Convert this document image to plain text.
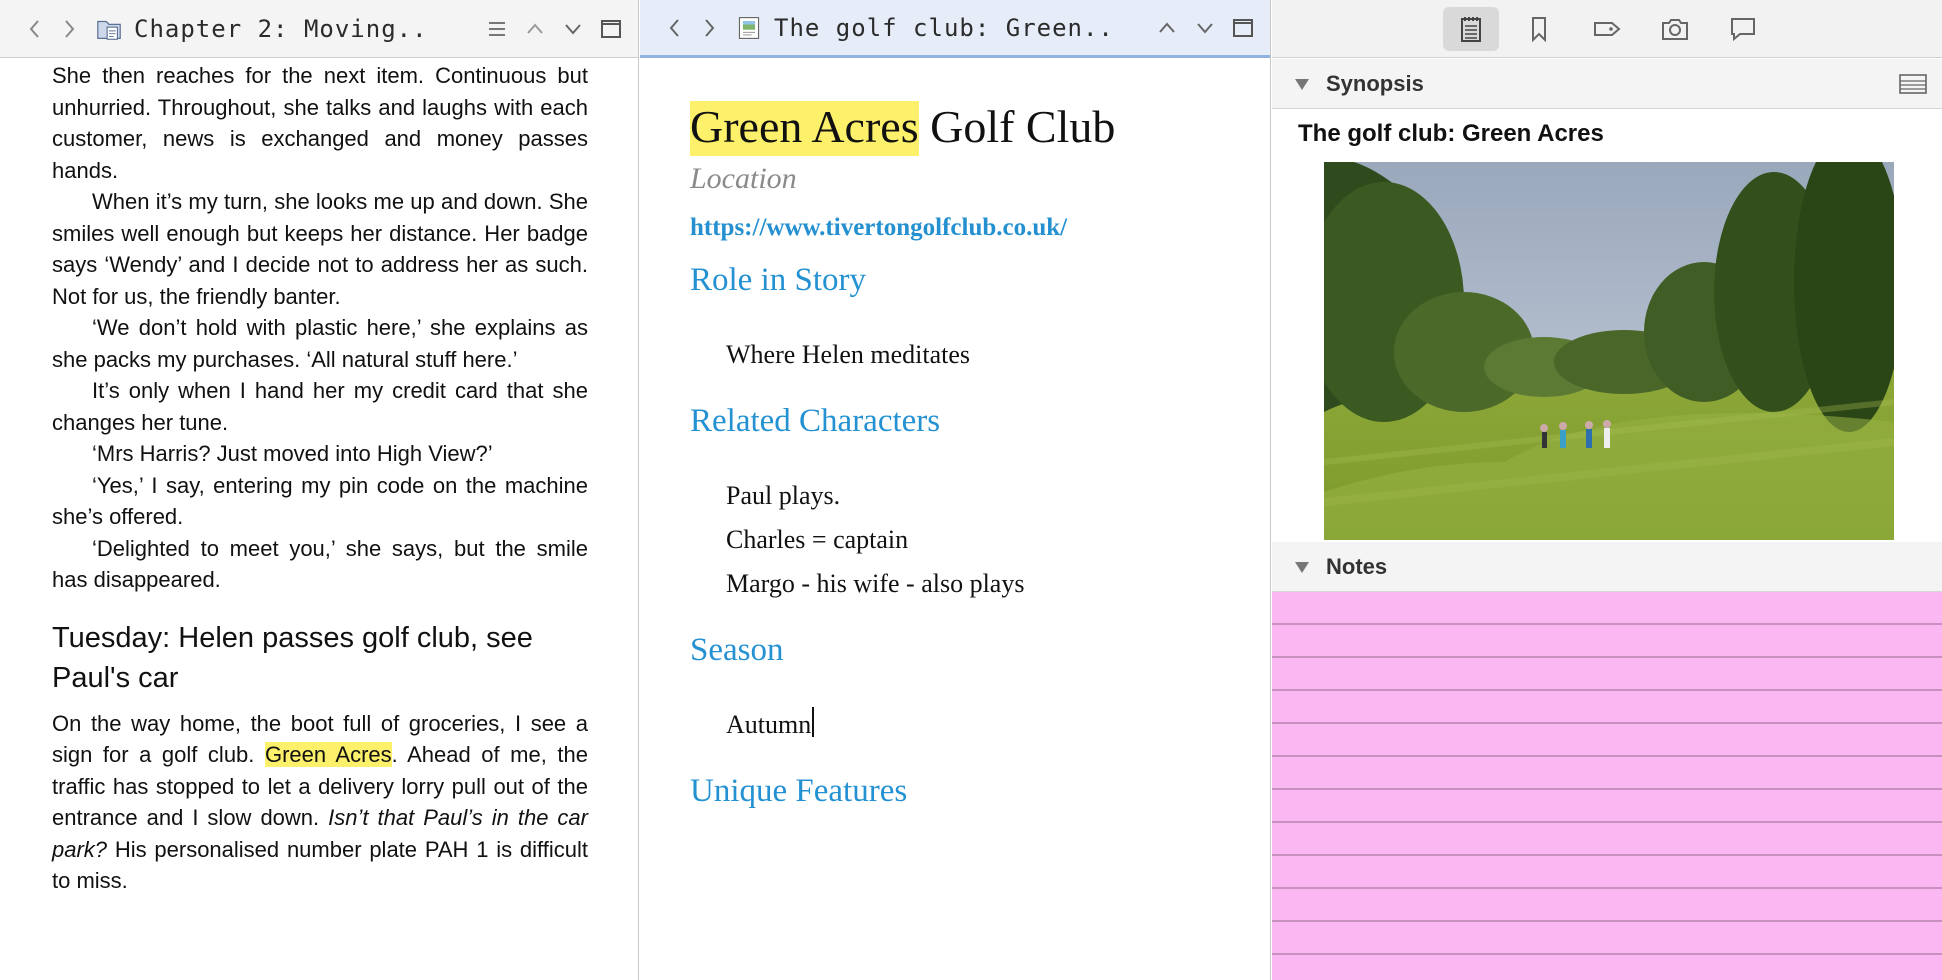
Chapter 2: Moving..

She then reaches for the next item. Continuous but unhurried. Throughout, she talks and laughs with each customer, news is exchanged and money passes hands.

When it’s my turn, she looks me up and down. She smiles well enough but keeps her distance. Her badge says ‘Wendy’ and I decide not to address her as such. Not for us, the friendly banter.

‘We don’t hold with plastic here,’ she explains as she packs my purchases. ‘All natural stuff here.’

It’s only when I hand her my credit card that she changes her tune.

‘Mrs Harris? Just moved into High View?’

‘Yes,’ I say, entering my pin code on the machine she’s offered.

‘Delighted to meet you,’ she says, but the smile has disappeared.

Tuesday: Helen passes golf club, see Paul's car

On the way home, the boot full of groceries, I see a sign for a golf club. Green Acres. Ahead of me, the traffic has stopped to let a delivery lorry pull out of the entrance and I slow down. Isn’t that Paul’s in the car park? His personalised number plate PAH 1 is difficult to miss.

The golf club: Green..
Green Acres Golf Club
Location
https://www.tivertongolfclub.co.uk/
Role in Story
Where Helen meditates
Related Characters
Paul plays.
Charles = captain
Margo - his wife - also plays
Season
Autumn
Unique Features
Synopsis
The golf club: Green Acres
Notes
